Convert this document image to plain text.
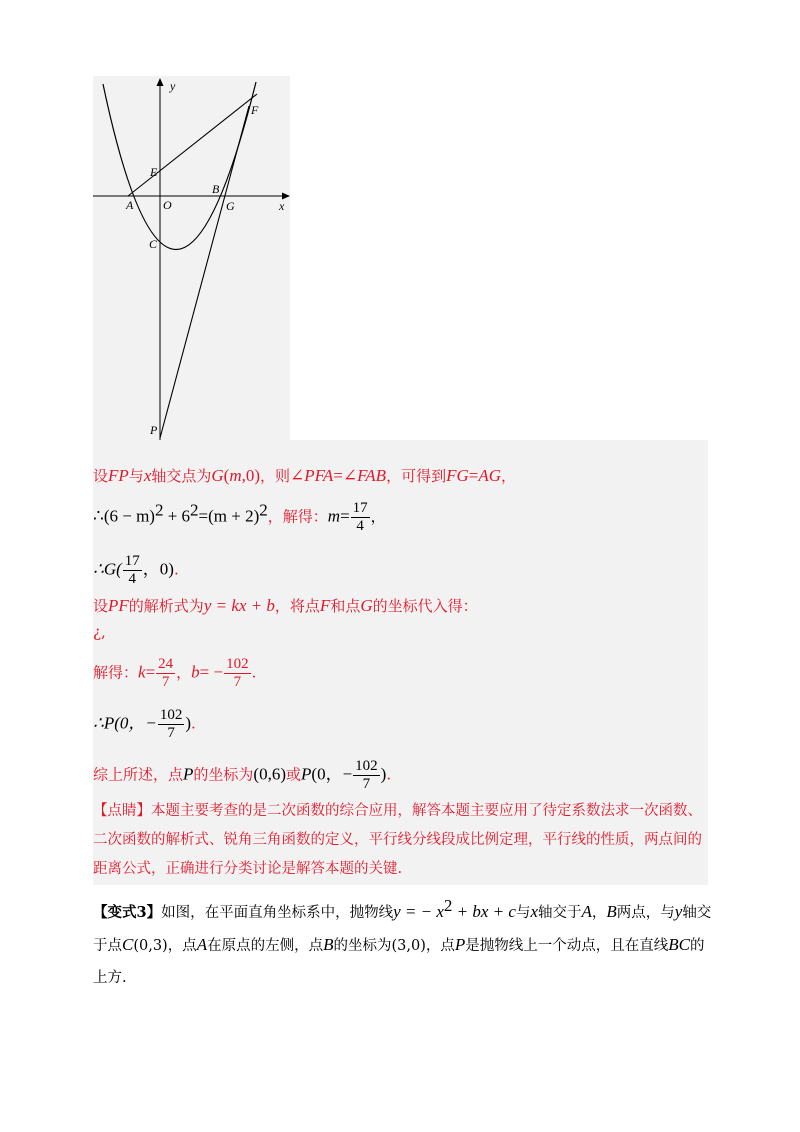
y
F
E
A O
B
G	x
C
P
设FP与x轴交点为G(m,0)，则∠PFA=∠FAB，可得到FG=AG，
∴(6 − $m)^2 + 6^2=(m + 2)^2$，解得：$m= \frac{17}{4}$ ，
∴G( $\frac{17}{4}$ ，0).
设PF的解析式为y = kx + b，将点F和点G的坐标代入得：
¿,
解得：$k= \frac{24}{7}$ ，$b= - \frac{102}{7}$ .
∴P(0，− $\frac{102}{7}$ ).
综上所述，点P的坐标为(0,6)或P(0，− $\frac{102}{7}$ ).
【点睛】本题主要考查的是二次函数的综合应用，解答本题主要应用了待定系数法求一次函数、二次函数的解析式、锐角三角函数的定义，平行线分线段成比例定理，平行线的性质，两点间的距离公式，正确进行分类讨论是解答本题的关键.
【变式3】如图，在平面直角坐标系中，抛物线y = − $x^2$ + bx + c与x轴交于A，B两点，与y轴交于点C(0,3)，点A在原点的左侧，点B的坐标为(3,0)，点P是抛物线上一个动点，且在直线BC的上方.
